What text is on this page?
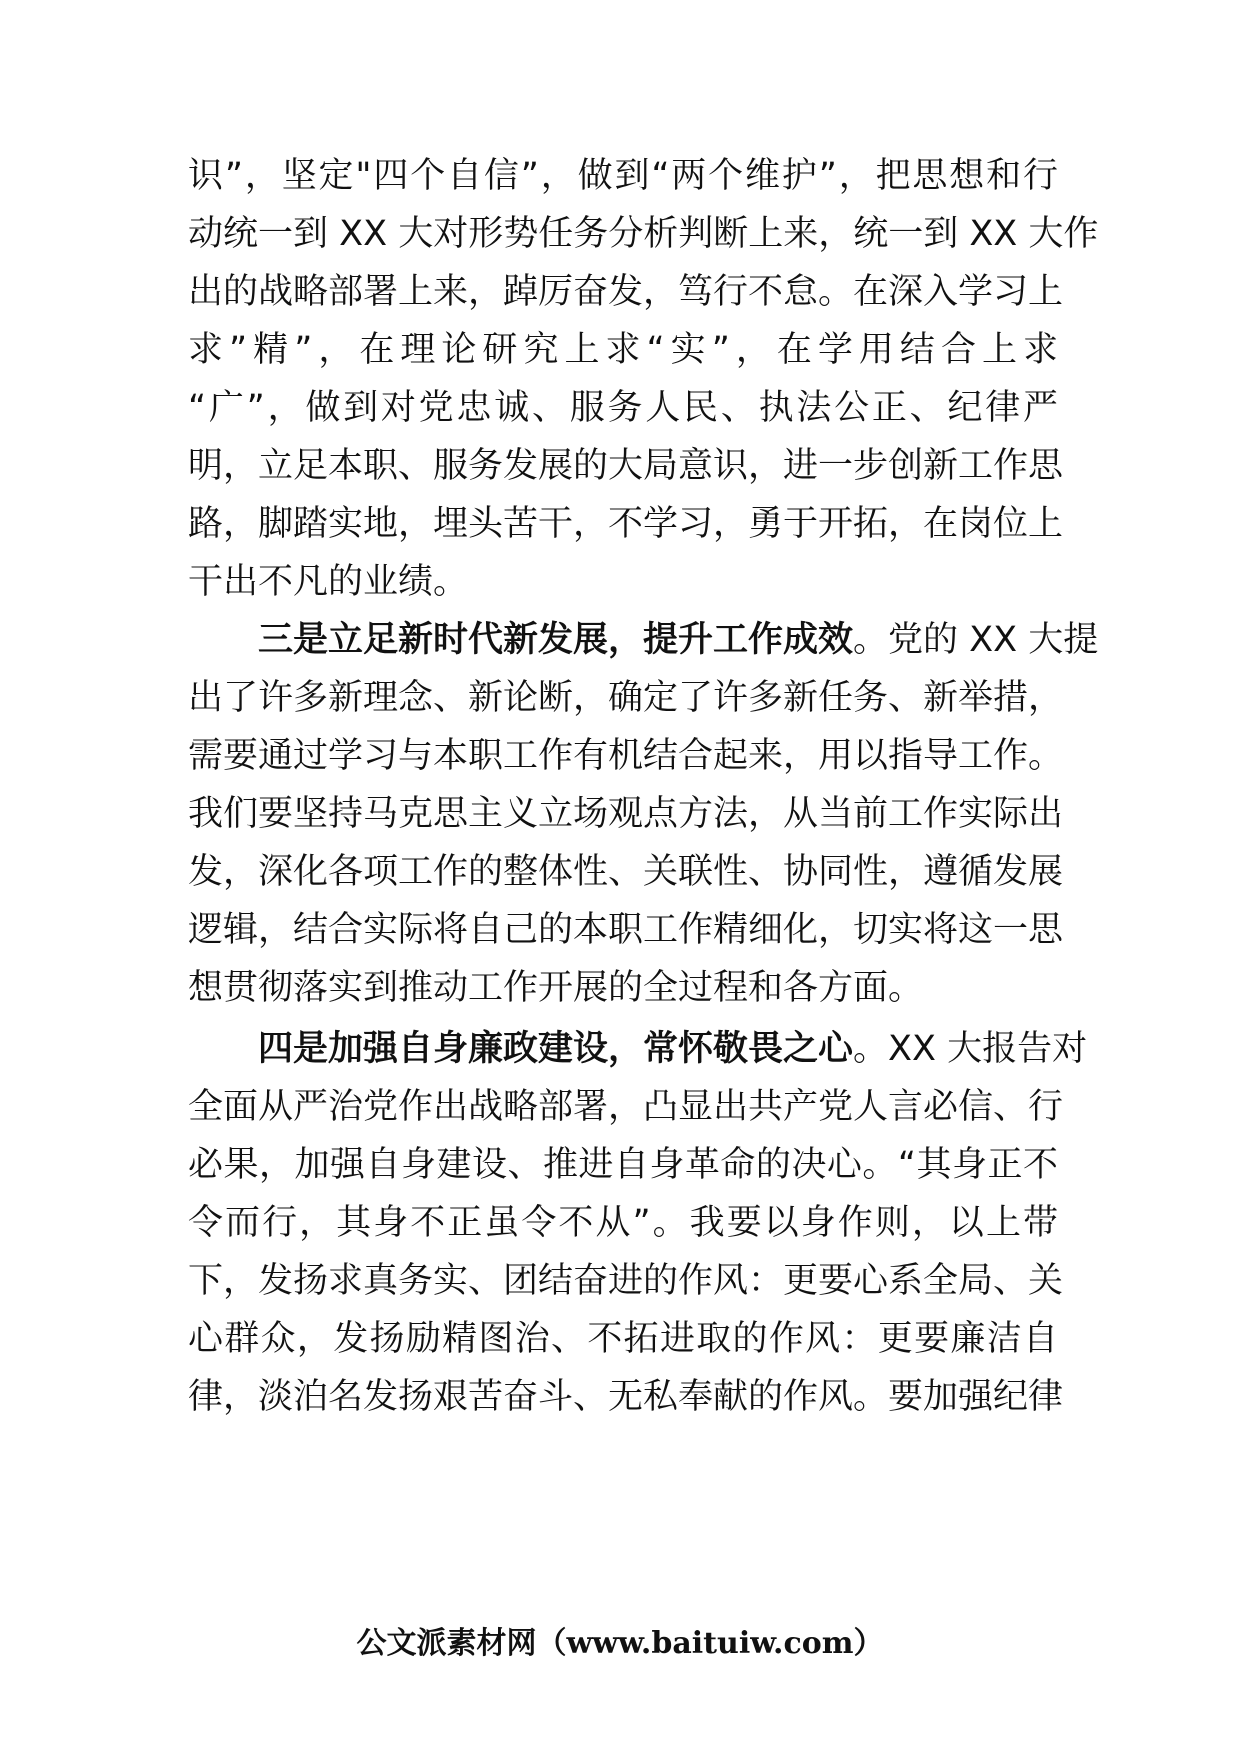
识”，坚定"四个自信”，做到“两个维护”，把思想和行
动统一到 XX 大对形势任务分析判断上来，统一到 XX 大作
出的战略部署上来，踔厉奋发，笃行不怠。在深入学习上
求”精”，在理论研究上求“实”，在学用结合上求
“广”，做到对党忠诚、服务人民、执法公正、纪律严
明，立足本职、服务发展的大局意识，进一步创新工作思
路，脚踏实地，埋头苦干，不学习，勇于开拓，在岗位上
干出不凡的业绩。
三是立足新时代新发展，提升工作成效。党的 XX 大提
出了许多新理念、新论断，确定了许多新任务、新举措，
需要通过学习与本职工作有机结合起来，用以指导工作。
我们要坚持马克思主义立场观点方法，从当前工作实际出
发，深化各项工作的整体性、关联性、协同性，遵循发展
逻辑，结合实际将自己的本职工作精细化，切实将这一思
想贯彻落实到推动工作开展的全过程和各方面。
四是加强自身廉政建设，常怀敬畏之心。XX 大报告对
全面从严治党作出战略部署，凸显出共产党人言必信、行
必果，加强自身建设、推进自身革命的决心。“其身正不
令而行，其身不正虽令不从”。我要以身作则，以上带
下，发扬求真务实、团结奋进的作风：更要心系全局、关
心群众，发扬励精图治、不拓进取的作风：更要廉洁自
律，淡泊名发扬艰苦奋斗、无私奉献的作风。要加强纪律
公文派素材网（www.baituiw.com）
